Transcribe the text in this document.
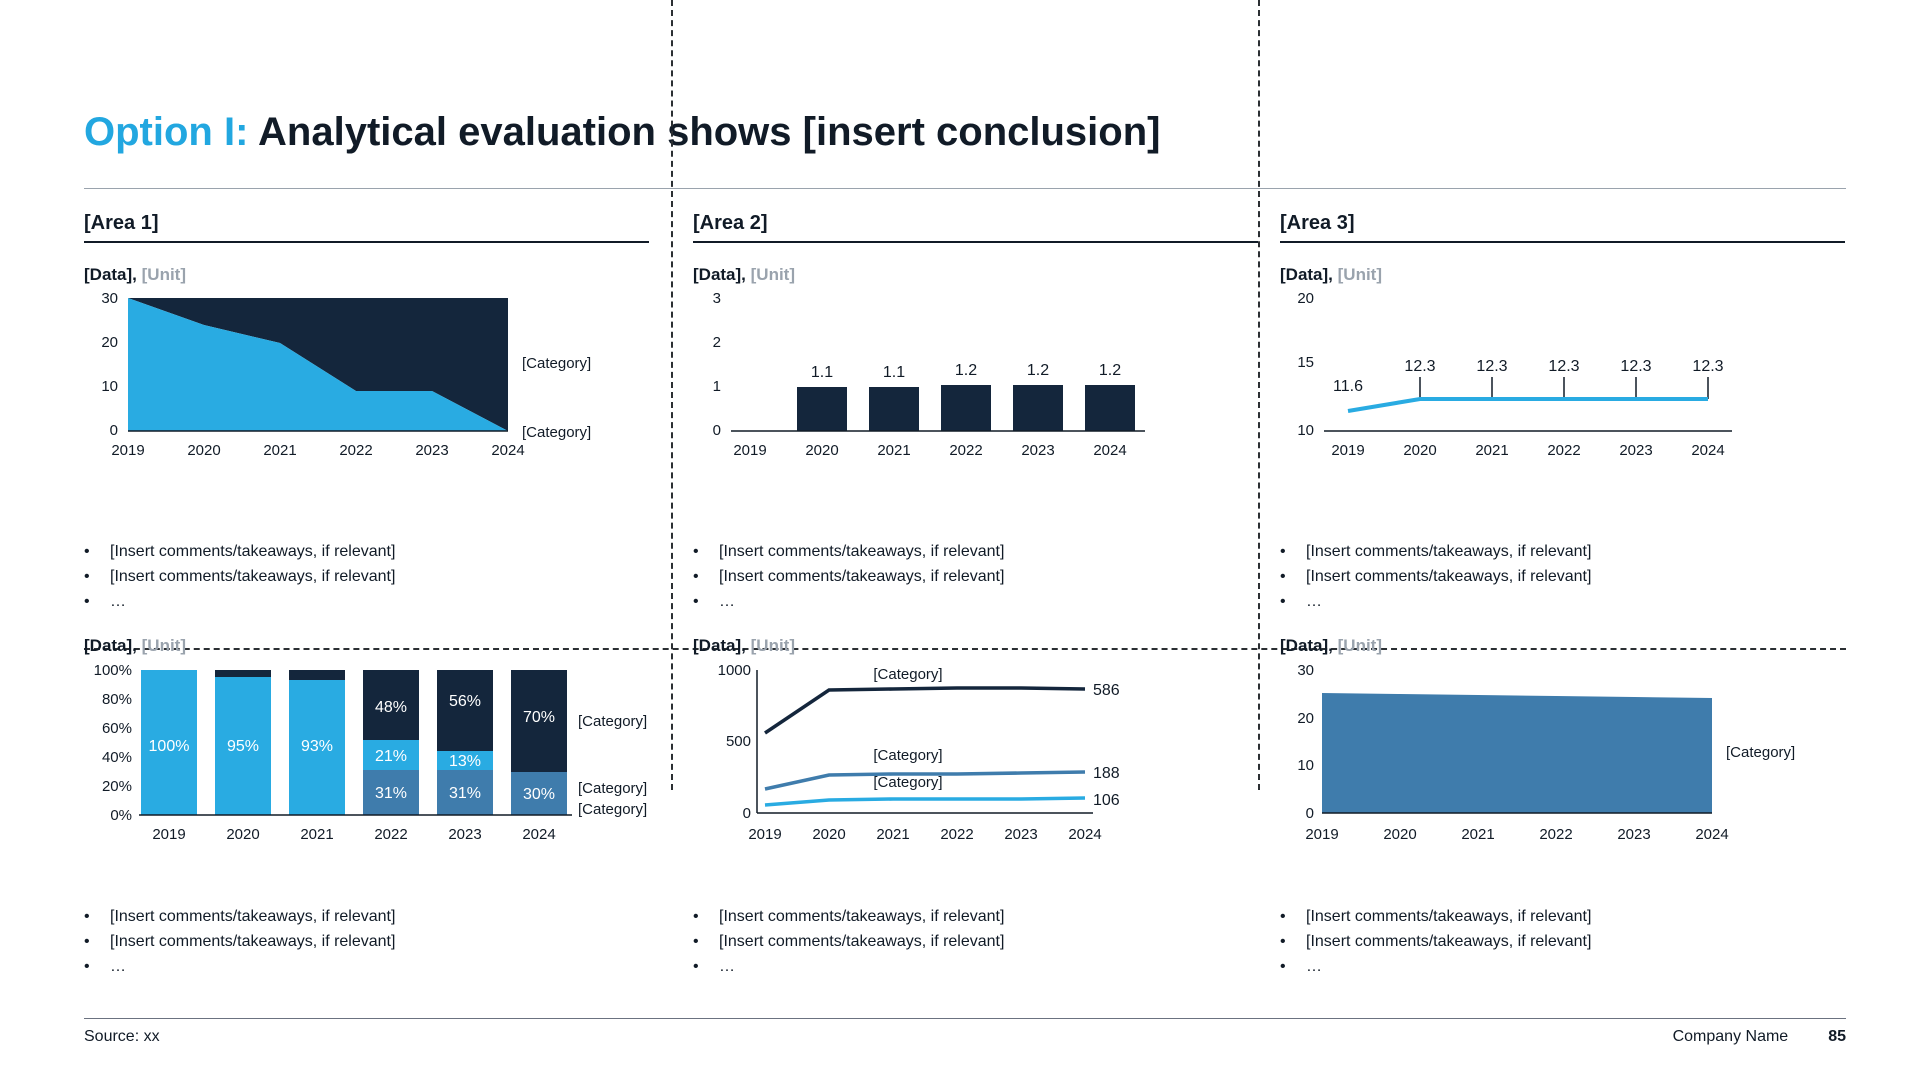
Option I: Analytical evaluation shows [insert conclusion]
[Area 1]
[Data], [Unit]
30
20
10
0
2019	2020	2021	2022	2023	2024
[Category]
[Category]
•	[Insert comments/takeaways, if relevant]
•	[Insert comments/takeaways, if relevant]
•	…
[Data], [Unit]
100%
80%
60%
40%
20%
0%
100% 95%	93%
31%
21%
48%
31%
13%
56%
30%
70%
2019	2020	2021	2022	2023	2024
[Category]
[Category]
[Category]
•	[Insert comments/takeaways, if relevant]
•	[Insert comments/takeaways, if relevant]
•	…
[Area 2]
[Data], [Unit]
3
2
1
0
1.1	1.1	1.2	1.2	1.2
2019	2020	2021	2022	2023	2024
•	[Insert comments/takeaways, if relevant]
•	[Insert comments/takeaways, if relevant]
•	…
[Data], [Unit]
1000
500
0
586
[Category]
188
[Category]
106
[Category]
2019 2020 2021 2022 2023 2024
•	[Insert comments/takeaways, if relevant]
•	[Insert comments/takeaways, if relevant]
•	…
[Area 3]
[Data], [Unit]
20
15
10
11.6
12.3	12.3	12.3	12.3	12.3
2019	2020	2021	2022	2023	2024
•	[Insert comments/takeaways, if relevant]
•	[Insert comments/takeaways, if relevant]
•	…
[Data], [Unit]
30
20
10
0
2019	2020	2021	2022	2023	2024
[Category]
•	[Insert comments/takeaways, if relevant]
•	[Insert comments/takeaways, if relevant]
•	…
Source: xx	Company Name	85
